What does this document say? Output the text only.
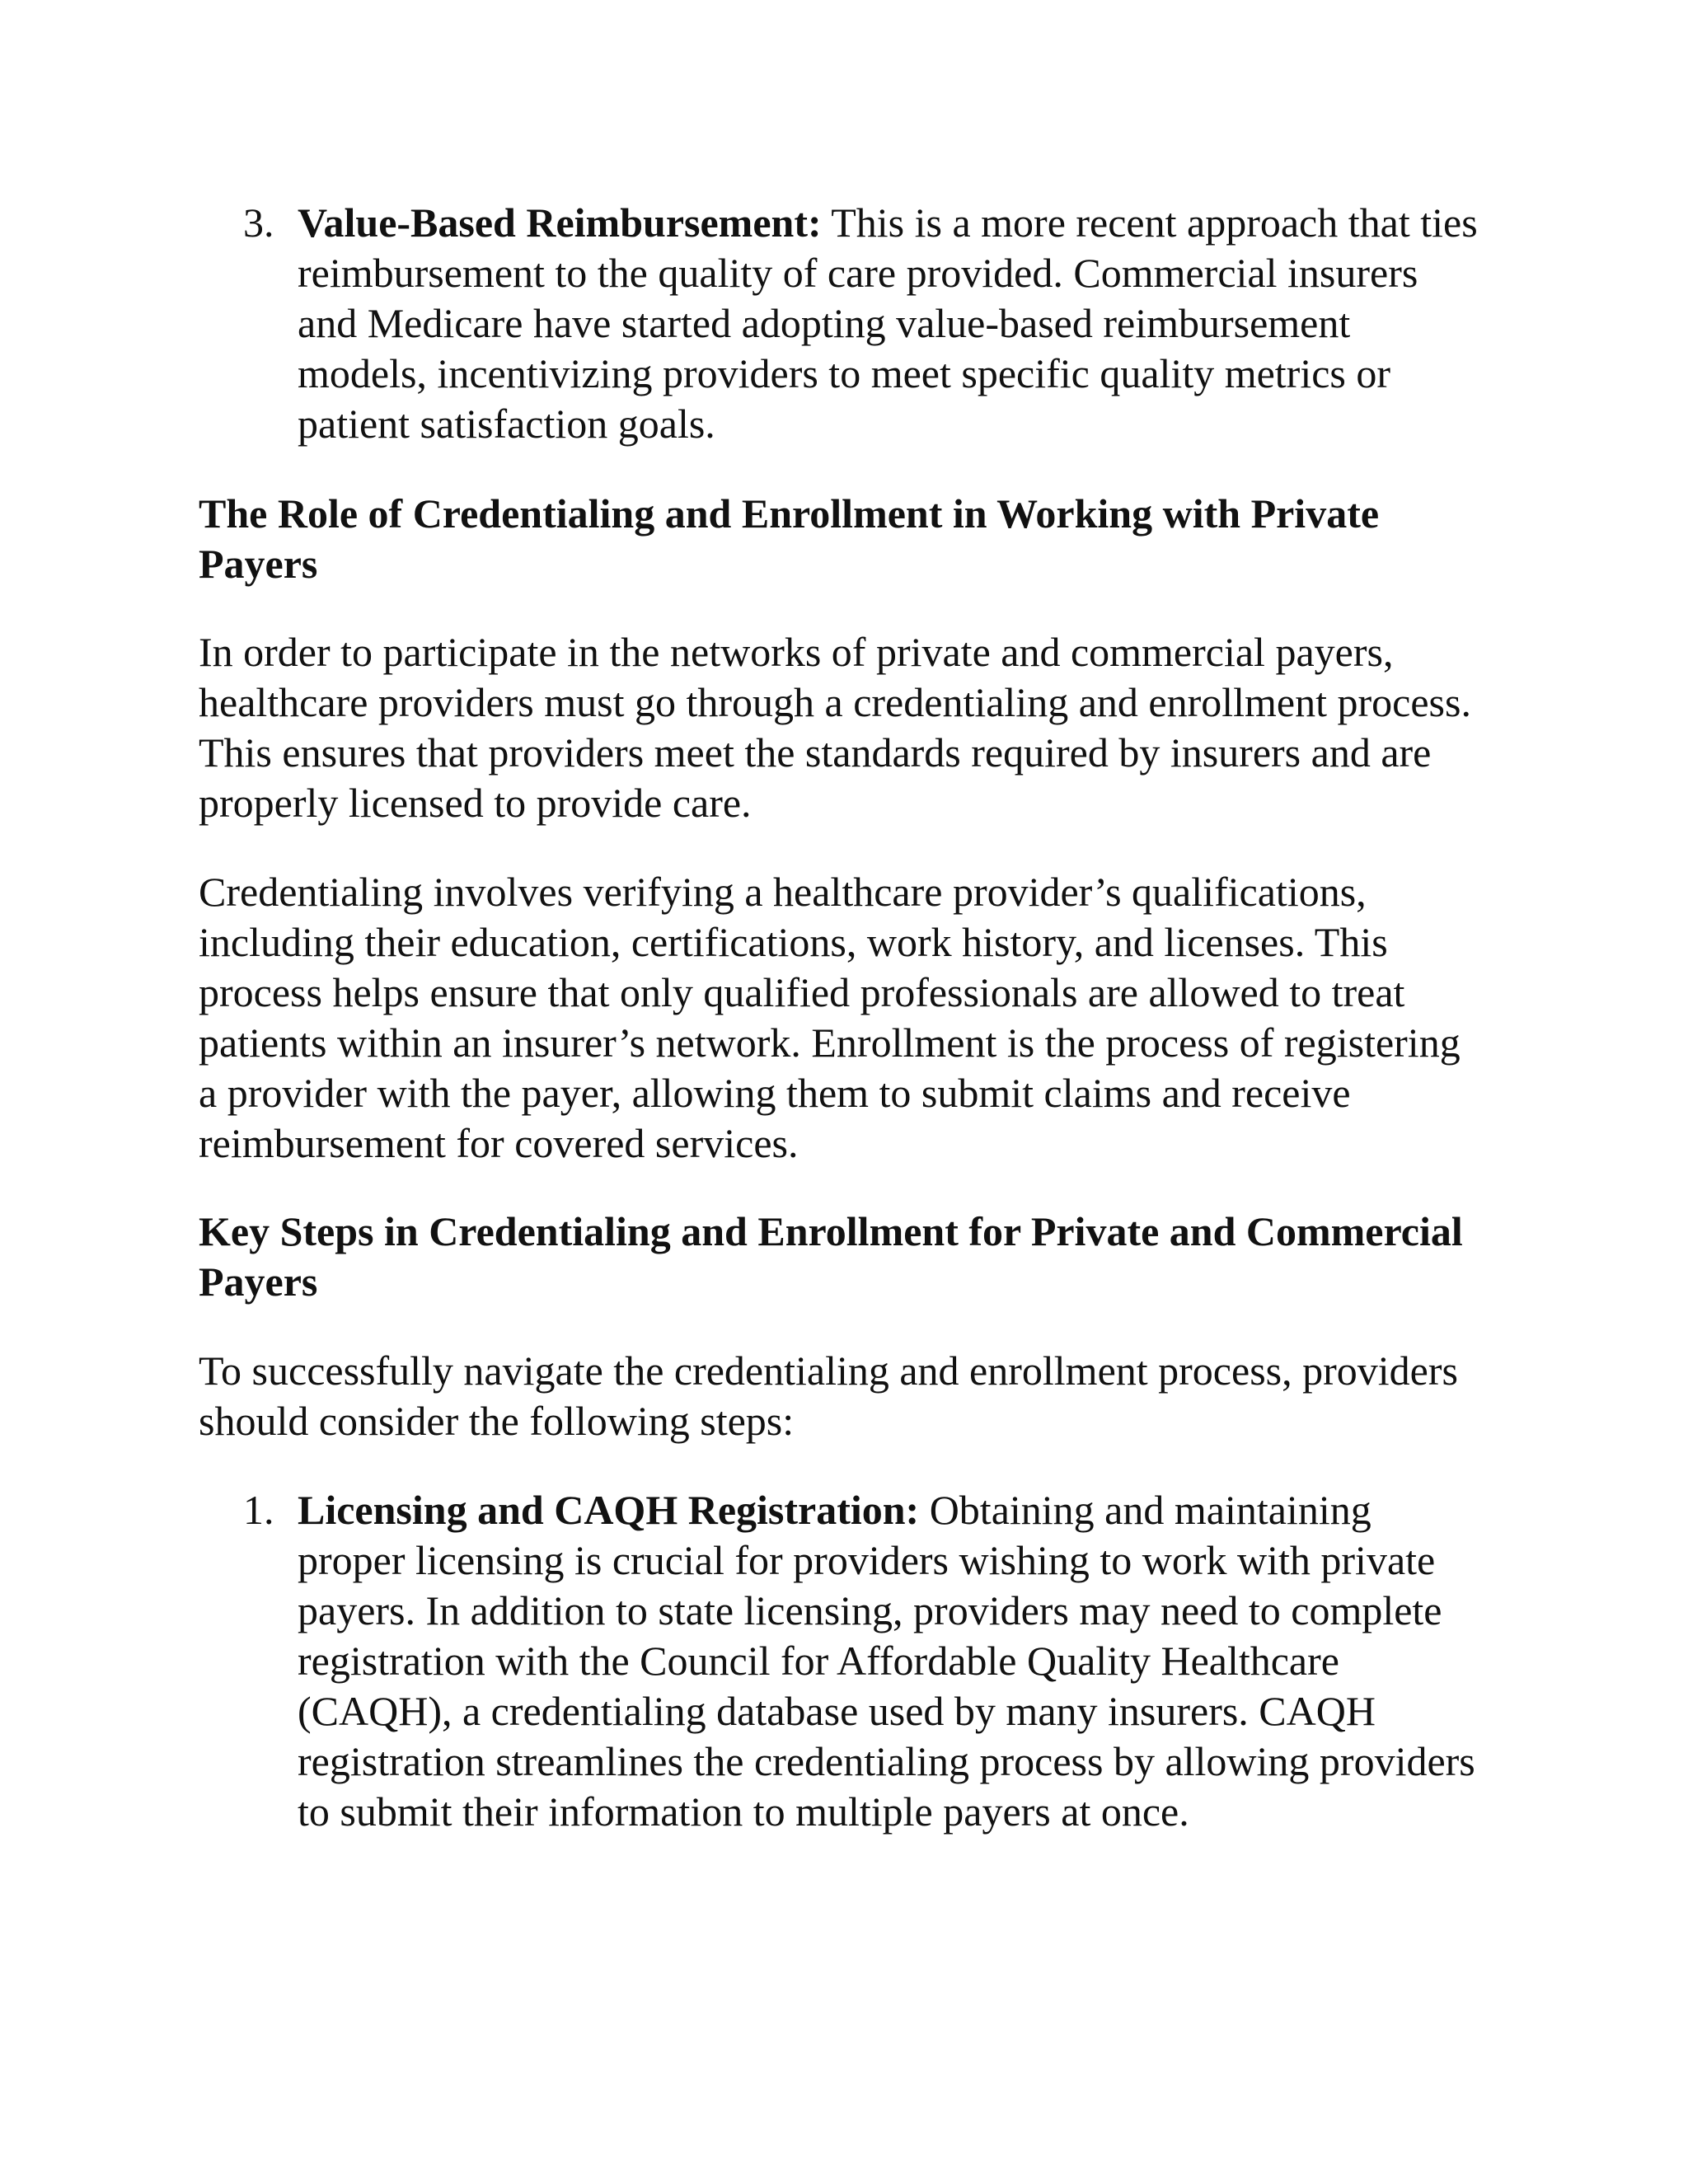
3. Value-Based Reimbursement: This is a more recent approach that ties reimbursement to the quality of care provided. Commercial insurers and Medicare have started adopting value-based reimbursement models, incentivizing providers to meet specific quality metrics or patient satisfaction goals.
The Role of Credentialing and Enrollment in Working with Private Payers

In order to participate in the networks of private and commercial payers, healthcare providers must go through a credentialing and enrollment process. This ensures that providers meet the standards required by insurers and are properly licensed to provide care.

Credentialing involves verifying a healthcare provider’s qualifications, including their education, certifications, work history, and licenses. This process helps ensure that only qualified professionals are allowed to treat patients within an insurer’s network. Enrollment is the process of registering a provider with the payer, allowing them to submit claims and receive reimbursement for covered services.

Key Steps in Credentialing and Enrollment for Private and Commercial Payers

To successfully navigate the credentialing and enrollment process, providers should consider the following steps:

1. Licensing and CAQH Registration: Obtaining and maintaining proper licensing is crucial for providers wishing to work with private payers. In addition to state licensing, providers may need to complete registration with the Council for Affordable Quality Healthcare (CAQH), a credentialing database used by many insurers. CAQH registration streamlines the credentialing process by allowing providers to submit their information to multiple payers at once.
